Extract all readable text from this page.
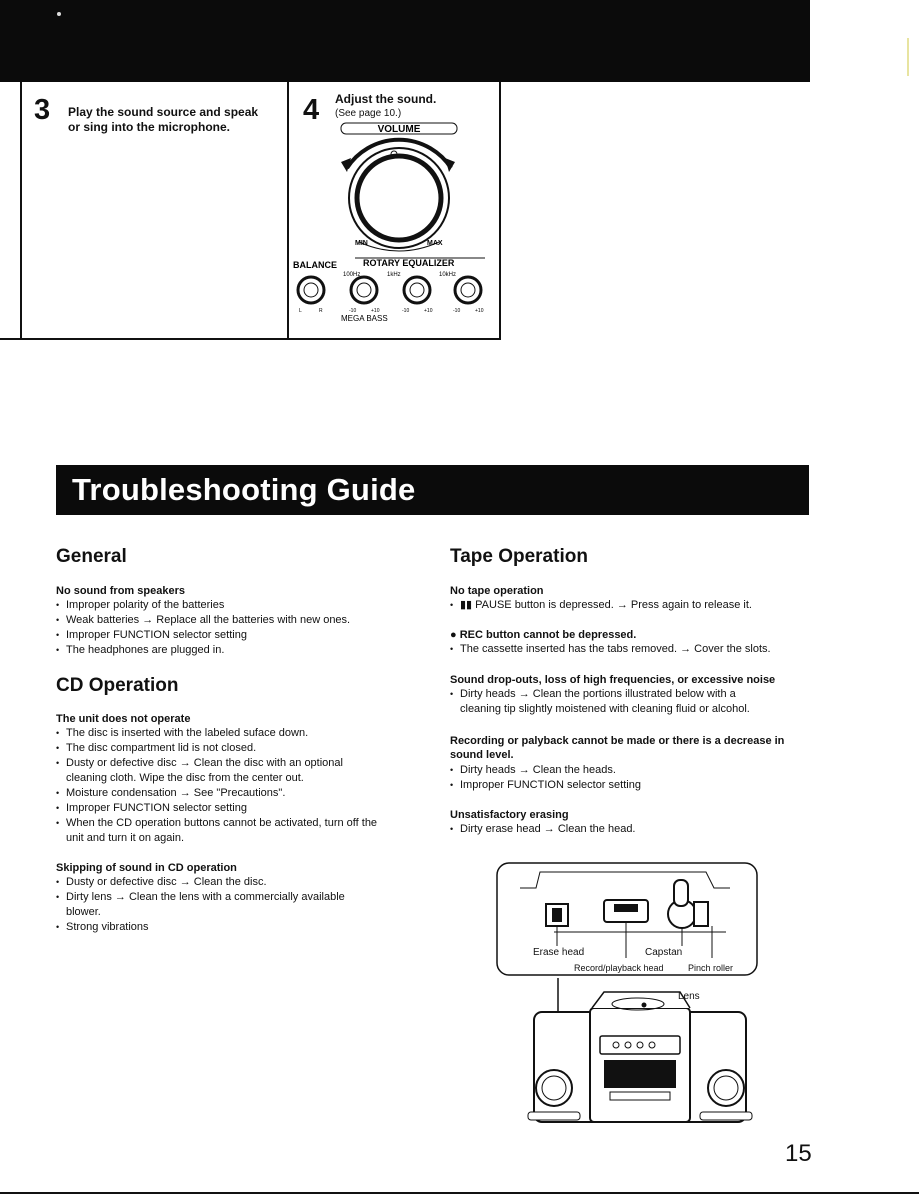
3 Play the sound source and speak
or sing into the microphone.
4 Adjust the sound.
(See page 10.)
VOLUME
MIN	MAX
BALANCE	ROTARY EQUALIZER
100Hz	1kHz	10kHz
L	R	-10	+10	-10	+10	-10	+10
MEGA BASS
Troubleshooting Guide
General
No sound from speakers
• Improper polarity of the batteries
• Weak batteries → Replace all the batteries with new ones.
• Improper FUNCTION selector setting
• The headphones are plugged in.
CD Operation
The unit does not operate
• The disc is inserted with the labeled suface down.
• The disc compartment lid is not closed.
• Dusty or defective disc → Clean the disc with an optional
cleaning cloth. Wipe the disc from the center out.
• Moisture condensation → See "Precautions".
• Improper FUNCTION selector setting
• When the CD operation buttons cannot be activated, turn off the
unit and turn it on again.
Skipping of sound in CD operation
• Dusty or defective disc → Clean the disc.
• Dirty lens → Clean the lens with a commercially available
blower.
• Strong vibrations
Tape Operation
No tape operation
• ▮▮ PAUSE button is depressed. → Press again to release it.
● REC button cannot be depressed.
• The cassette inserted has the tabs removed. → Cover the slots.
Sound drop-outs, loss of high frequencies, or excessive noise
• Dirty heads → Clean the portions illustrated below with a
cleaning tip slightly moistened with cleaning fluid or alcohol.
Recording or palyback cannot be made or there is a decrease in
sound level.
• Dirty heads → Clean the heads.
• Improper FUNCTION selector setting
Unsatisfactory erasing
• Dirty erase head → Clean the head.
Erase head	Capstan
Record/playback head	Pinch roller
Lens
15
